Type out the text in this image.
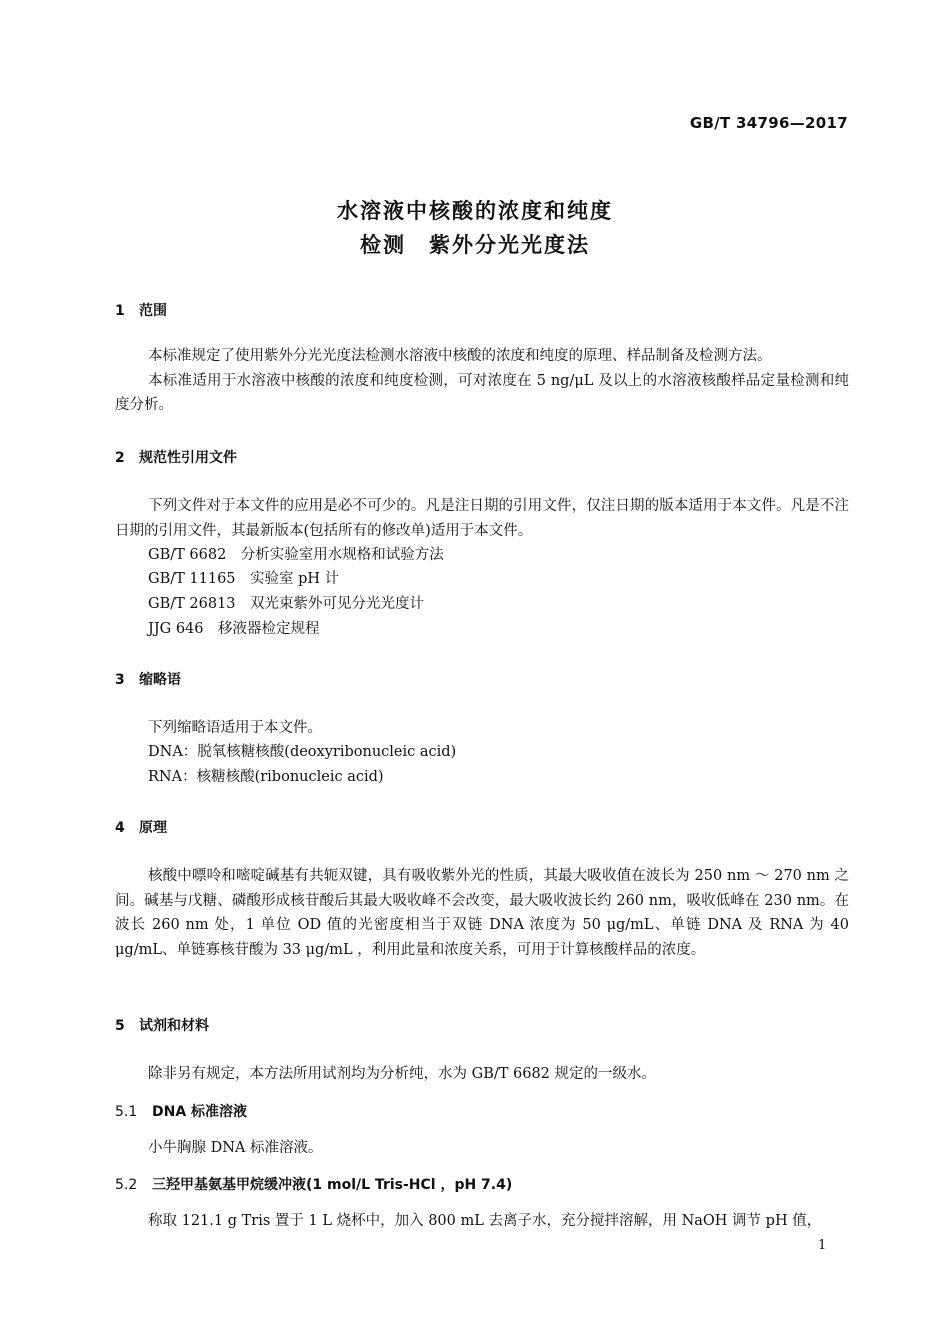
GB/T 34796—2017
水溶液中核酸的浓度和纯度
检测　紫外分光光度法
1 范围
本标准规定了使用紫外分光光度法检测水溶液中核酸的浓度和纯度的原理、样品制备及检测方法。
本标准适用于水溶液中核酸的浓度和纯度检测，可对浓度在 5 ng/μL 及以上的水溶液核酸样品定量检测和纯度分析。
2 规范性引用文件
下列文件对于本文件的应用是必不可少的。凡是注日期的引用文件，仅注日期的版本适用于本文件。凡是不注日期的引用文件，其最新版本(包括所有的修改单)适用于本文件。
GB/T 6682　分析实验室用水规格和试验方法
GB/T 11165　实验室 pH 计
GB/T 26813　双光束紫外可见分光光度计
JJG 646　移液器检定规程
3 缩略语
下列缩略语适用于本文件。
DNA：脱氧核糖核酸(deoxyribonucleic acid)
RNA：核糖核酸(ribonucleic acid)
4 原理
核酸中嘌呤和嘧啶碱基有共轭双键，具有吸收紫外光的性质，其最大吸收值在波长为 250 nm ～ 270 nm 之间。碱基与戊糖、磷酸形成核苷酸后其最大吸收峰不会改变，最大吸收波长约 260 nm，吸收低峰在 230 nm。在波长 260 nm 处，1 单位 OD 值的光密度相当于双链 DNA 浓度为 50 μg/mL、单链 DNA 及 RNA 为 40 μg/mL、单链寡核苷酸为 33 μg/mL ，利用此量和浓度关系，可用于计算核酸样品的浓度。
5 试剂和材料
除非另有规定，本方法所用试剂均为分析纯，水为 GB/T 6682 规定的一级水。
5.1 DNA 标准溶液
小牛胸腺 DNA 标准溶液。
5.2 三羟甲基氨基甲烷缓冲液(1 mol/L Tris-HCl ，pH 7.4)
称取 121.1 g Tris 置于 1 L 烧杯中，加入 800 mL 去离子水，充分搅拌溶解，用 NaOH 调节 pH 值，
1
